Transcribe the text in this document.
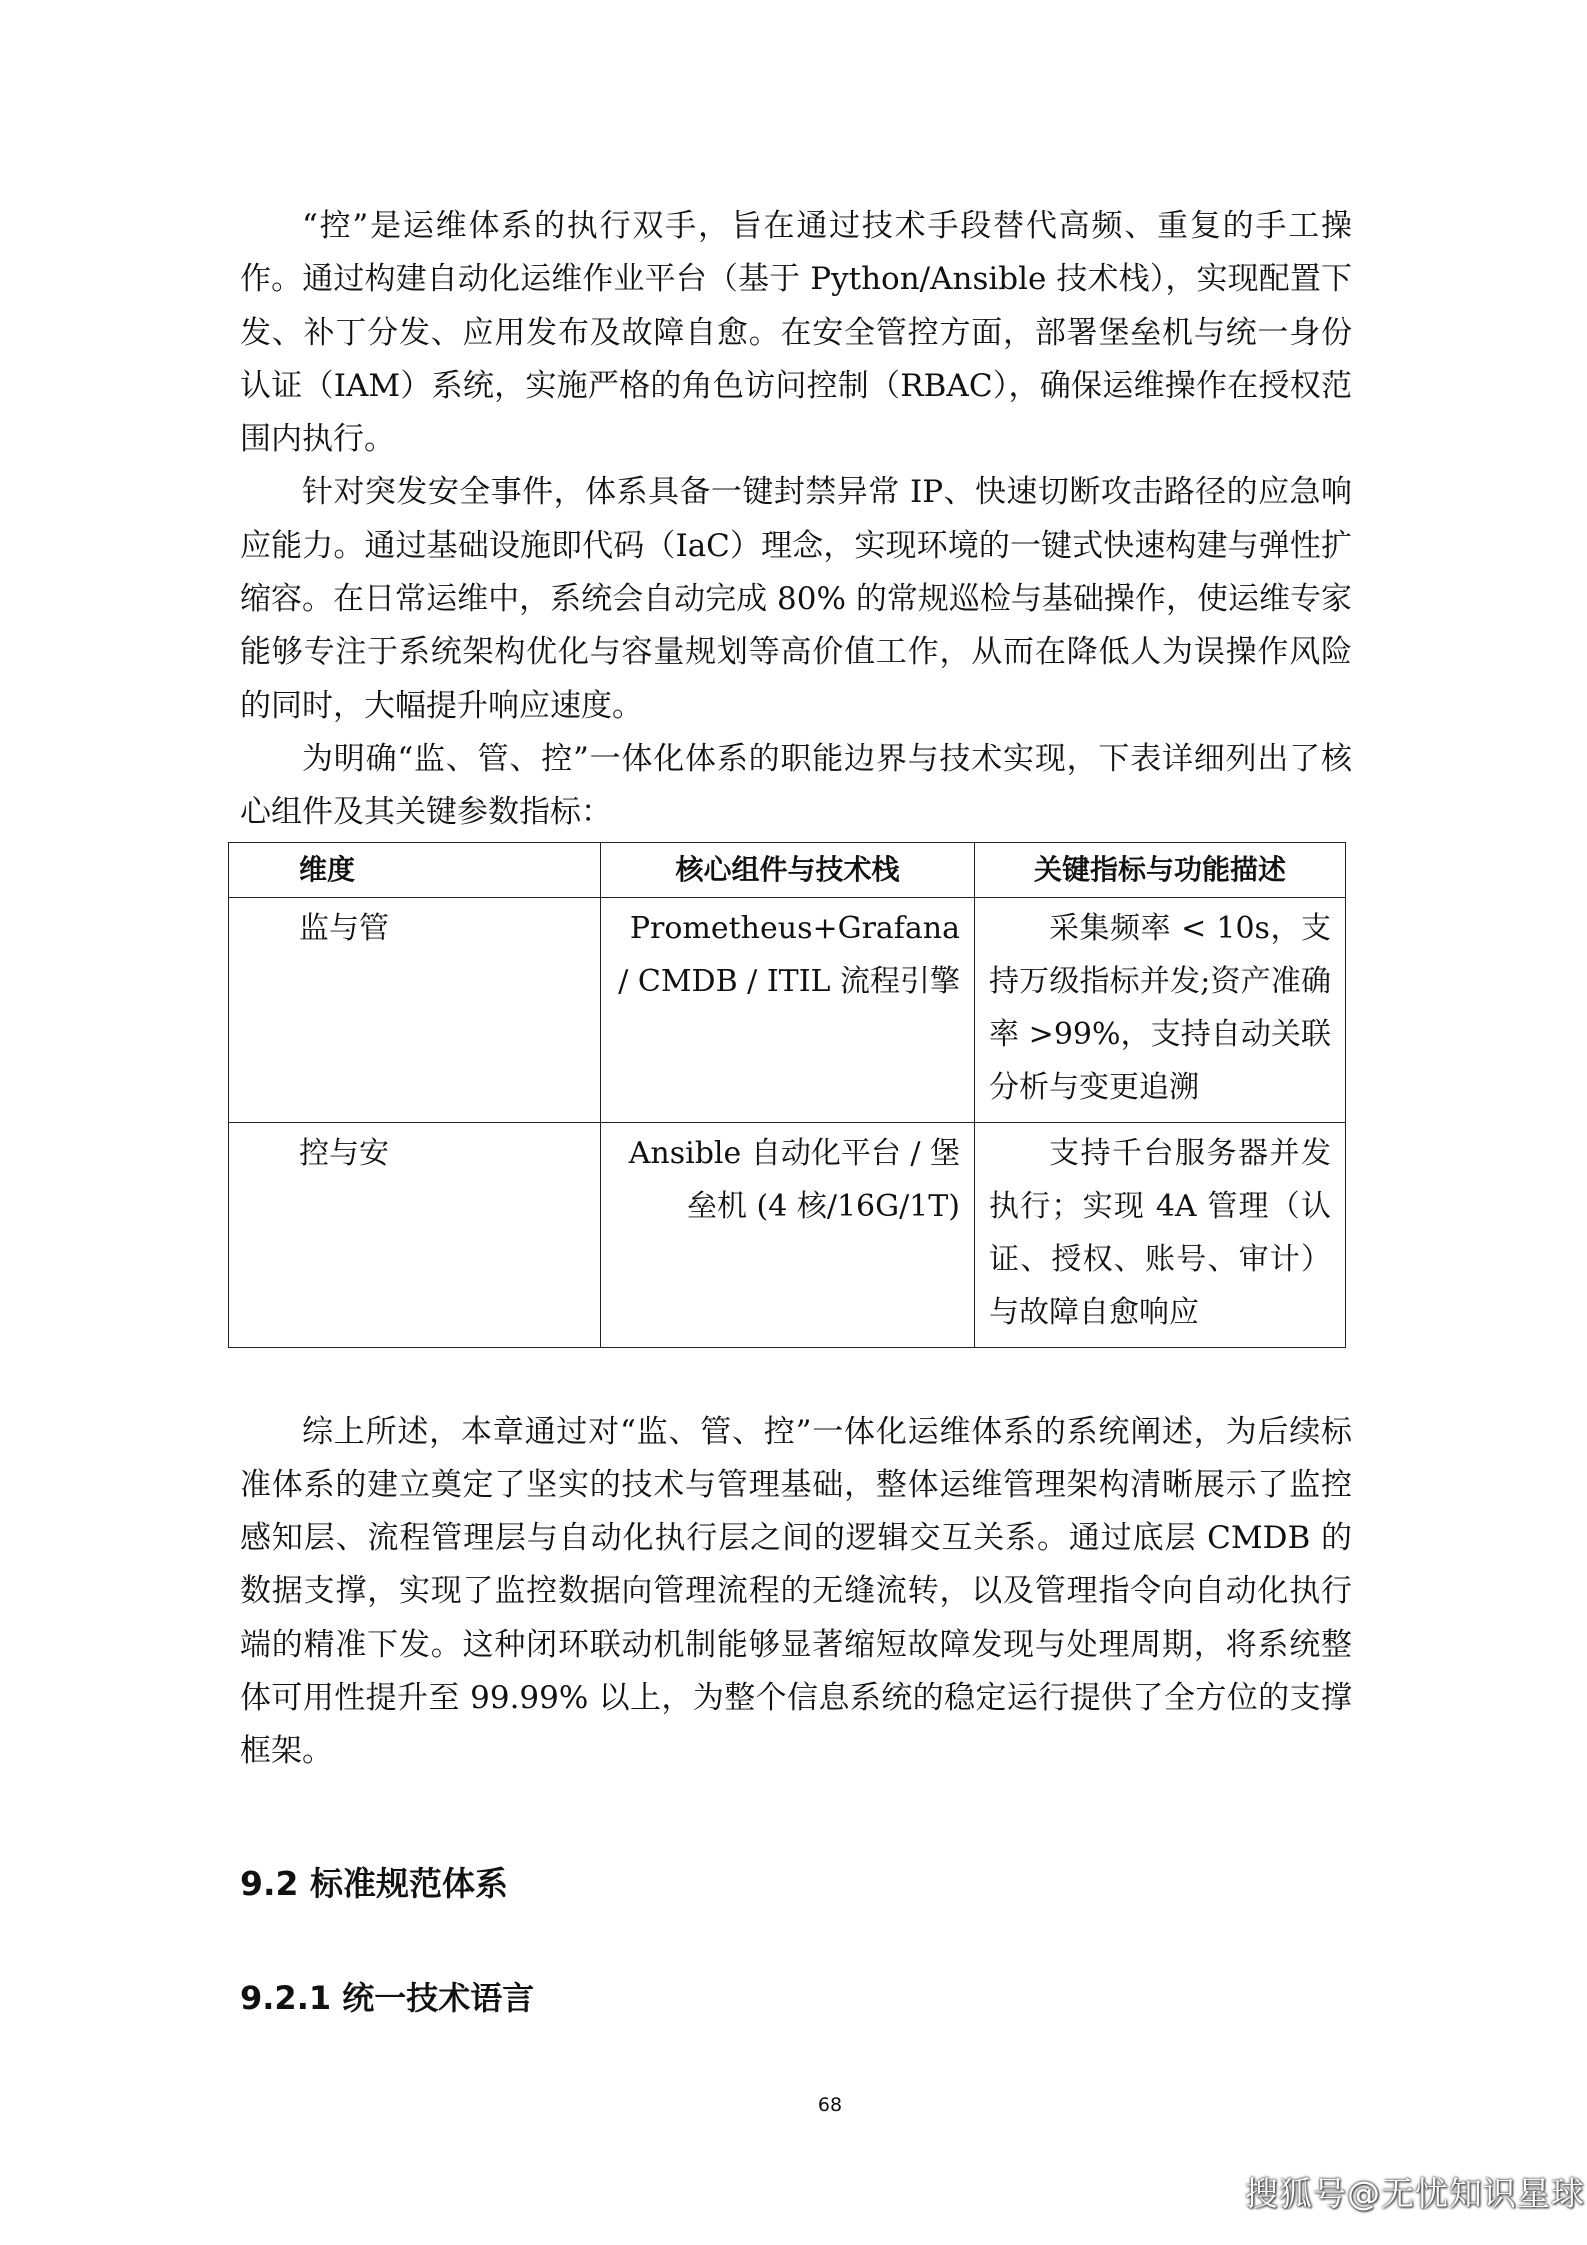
“控”是运维体系的执行双手，旨在通过技术手段替代高频、重复的手工操作。通过构建自动化运维作业平台（基于 Python/Ansible 技术栈），实现配置下发、补丁分发、应用发布及故障自愈。在安全管控方面，部署堡垒机与统一身份认证（IAM）系统，实施严格的角色访问控制（RBAC），确保运维操作在授权范围内执行。

针对突发安全事件，体系具备一键封禁异常 IP、快速切断攻击路径的应急响应能力。通过基础设施即代码（IaC）理念，实现环境的一键式快速构建与弹性扩缩容。在日常运维中，系统会自动完成 80% 的常规巡检与基础操作，使运维专家能够专注于系统架构优化与容量规划等高价值工作，从而在降低人为误操作风险的同时，大幅提升响应速度。

为明确“监、管、控”一体化体系的职能边界与技术实现，下表详细列出了核心组件及其关键参数指标：

维度	核心组件与技术栈	关键指标与功能描述
监与管	Prometheus+Grafana / CMDB / ITIL 流程引擎	采集频率 < 10s，支持万级指标并发;资产准确率 >99%，支持自动关联分析与变更追溯
控与安	Ansible 自动化平台 / 堡垒机 (4 核/16G/1T)	支持千台服务器并发执行；实现 4A 管理（认证、授权、账号、审计）与故障自愈响应

综上所述，本章通过对“监、管、控”一体化运维体系的系统阐述，为后续标准体系的建立奠定了坚实的技术与管理基础，整体运维管理架构清晰展示了监控感知层、流程管理层与自动化执行层之间的逻辑交互关系。通过底层 CMDB 的数据支撑，实现了监控数据向管理流程的无缝流转，以及管理指令向自动化执行端的精准下发。这种闭环联动机制能够显著缩短故障发现与处理周期，将系统整体可用性提升至 99.99% 以上，为整个信息系统的稳定运行提供了全方位的支撑框架。

9.2 标准规范体系
9.2.1 统一技术语言
68
搜狐号@无忧知识星球
